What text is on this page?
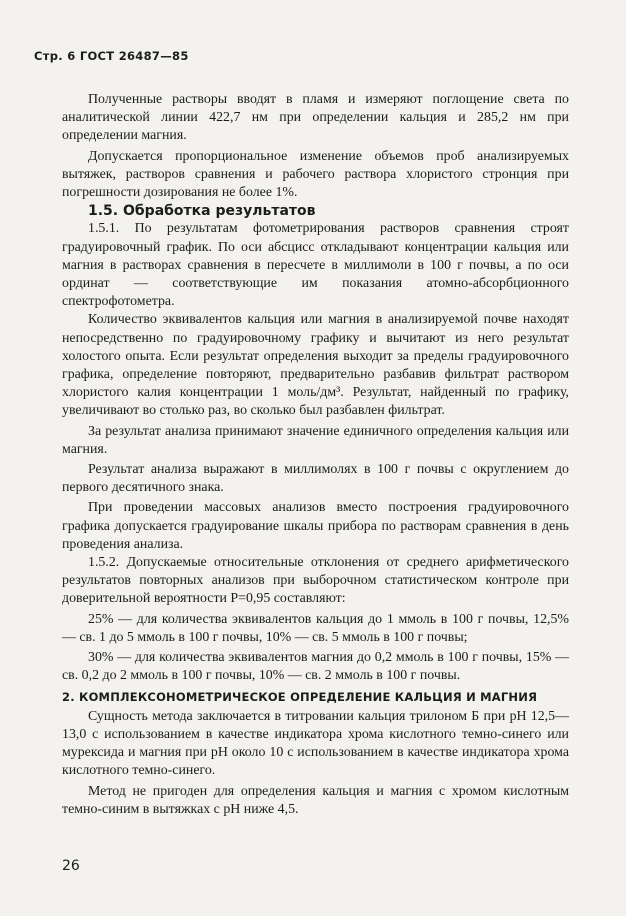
Стр. 6 ГОСТ 26487—85

Полученные растворы вводят в пламя и измеряют поглощение света по аналитической линии 422,7 нм при определении кальция и 285,2 нм при определении магния.

Допускается пропорциональное изменение объемов проб анализируемых вытяжек, растворов сравнения и рабочего раствора хлористого стронция при погрешности дозирования не более 1%.

1.5. Обработка результатов

1.5.1. По результатам фотометрирования растворов сравнения строят градуировочный график. По оси абсцисс откладывают концентрации кальция или магния в растворах сравнения в пересчете в миллимоли в 100 г почвы, а по оси ординат — соответствующие им показания атомно-абсорбционного спектрофотометра.

Количество эквивалентов кальция или магния в анализируемой почве находят непосредственно по градуировочному графику и вычитают из него результат холостого опыта. Если результат определения выходит за пределы градуировочного графика, определение повторяют, предварительно разбавив фильтрат раствором хлористого калия концентрации 1 моль/дм³. Результат, найденный по графику, увеличивают во столько раз, во сколько был разбавлен фильтрат.

За результат анализа принимают значение единичного определения кальция или магния.

Результат анализа выражают в миллимолях в 100 г почвы с округлением до первого десятичного знака.

При проведении массовых анализов вместо построения градуировочного графика допускается градуирование шкалы прибора по растворам сравнения в день проведения анализа.

1.5.2. Допускаемые относительные отклонения от среднего арифметического результатов повторных анализов при выборочном статистическом контроле при доверительной вероятности P=0,95 составляют:

25% — для количества эквивалентов кальция до 1 ммоль в 100 г почвы, 12,5% — св. 1 до 5 ммоль в 100 г почвы, 10% — св. 5 ммоль в 100 г почвы;

30% — для количества эквивалентов магния до 0,2 ммоль в 100 г почвы, 15% — св. 0,2 до 2 ммоль в 100 г почвы, 10% — св. 2 ммоль в 100 г почвы.

2. КОМПЛЕКСОНОМЕТРИЧЕСКОЕ ОПРЕДЕЛЕНИЕ КАЛЬЦИЯ И МАГНИЯ

Сущность метода заключается в титровании кальция трилоном Б при pH 12,5—13,0 с использованием в качестве индикатора хрома кислотного темно-синего или мурексида и магния при pH около 10 с использованием в качестве индикатора хрома кислотного темно-синего.

Метод не пригоден для определения кальция и магния с хромом кислотным темно-синим в вытяжках с pH ниже 4,5.

26
